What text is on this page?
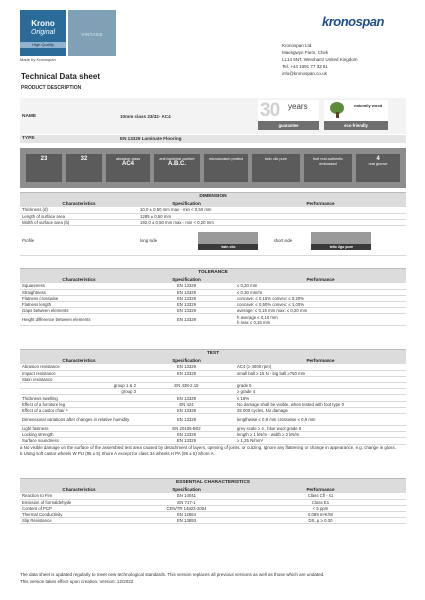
Krono
Original
High Quality
VINTAGE
Made by Kronospan
kronospan
Kronospan Ltd.
Maesgwyn Farm, Chirk
LL14 5NT, Wrexham/ United Kingdom
Tel. +44 1691 77 33 61
info@kronospan.co.uk
Technical Data sheet
PRODUCT DESCRIPTION
NAME	10mm class 23/32- AC4	30 years
guarantee
naturally wood
eco-friendly
TYPE	EN 13329 Laminate Flooring
23	32	abrasion class
AC4
anti bacterial comfort
A.B.C.
microscratch protect	twin clic pure	fruit real authentic embossed
4
real groove
DIMENSION
Characteristics	Specification	Performance
Thickness (d)	10,0 ± 0,50 mm max - min < 0,50 mm	
Length of surface area	1285 ± 0,50 mm	
Width of surface area (b)	192,0 ± 0,50 mm max - min < 0,20 mm	
Profile	long side
twin clic
short side
telic 2go pure	
TOLERANCE
Characteristics	Specification	Performance
Squareness	EN 13329	≤ 0,20 mm
Straightness	EN 13329	≤ 0,30 mm/m
Flatness crosswise	EN 13329	concave: ≤ 0,15% convex: ≤ 0,20%
Flatness length	EN 13329	concave: ≤ 0,50% convex: ≤ 1,00%
Gaps between elements	EN 13329	average: ≤ 0,15 mm max: ≤ 0,20 mm
Height difference between elements	EN 13329	h average ≤ 0,10 mm
h max ≤ 0,15 mm
TEST
Characteristics	Specification	Performance
Abrasion resistance	EN 13329	AC4 (≥ 4000 rpm)
Impact resistance	EN 13329	small ball ≥ 15 N - big ball ≥750 mm
Stain resistance		
group 1 & 2	EN 438-2.15	grade 5
group 3		≥ grade 4
Thickness swelling	EN 13329	≤ 18%
Effect of a furniture leg	EN 424	No damage shall be visible, when tested with foot type 0
Effect of a castor chair ᵇ	EN 13329	25 000 cycles, No damage
Dimensional variations after changes in relative humidity	EN 13329	lengthwise ≤ 0,9 mm crosswise ≤ 0,9 mm
Light fastness	EN 20105-B02	grey scale ≥ 4 , blue wool grade 6
Locking strength	EN 13329	length ≥ 1 kN/m - width ≥ 2 kN/m
Surface soundness	EN 13329	≥ 1,25 N/mm²
a No visible damage on the surface of the assembled test area caused by detachment of layers, opening of joints, or crazing. Ignore any flattening or change in appearance, e.g. change in gloss.
b Using soft castor wheels W PU (95 ± 5) Shore A except for class 34 wheels H PA (95 ± 5) Shore A.
ESSENTIAL CHARACTERISTICS
Characteristics	Specification	Performance
Reaction to Fire	EN 14041	Class Cfl - s1
Emission of formaldehyde	EN 717-1	Class E1
Content of PCP	CEN/TR 14823-2004	< 5 ppm
Thermal Conductivity	EN 12664	0.089 m²K/W
Slip Resistance	EN 13893	DS, μ ≥ 0.30
The data sheet is updated regularly to meet new technological standards. This version replaces all previous versions as well as those which are undated.
This version takes effect upon creation. Version: 12/2022
